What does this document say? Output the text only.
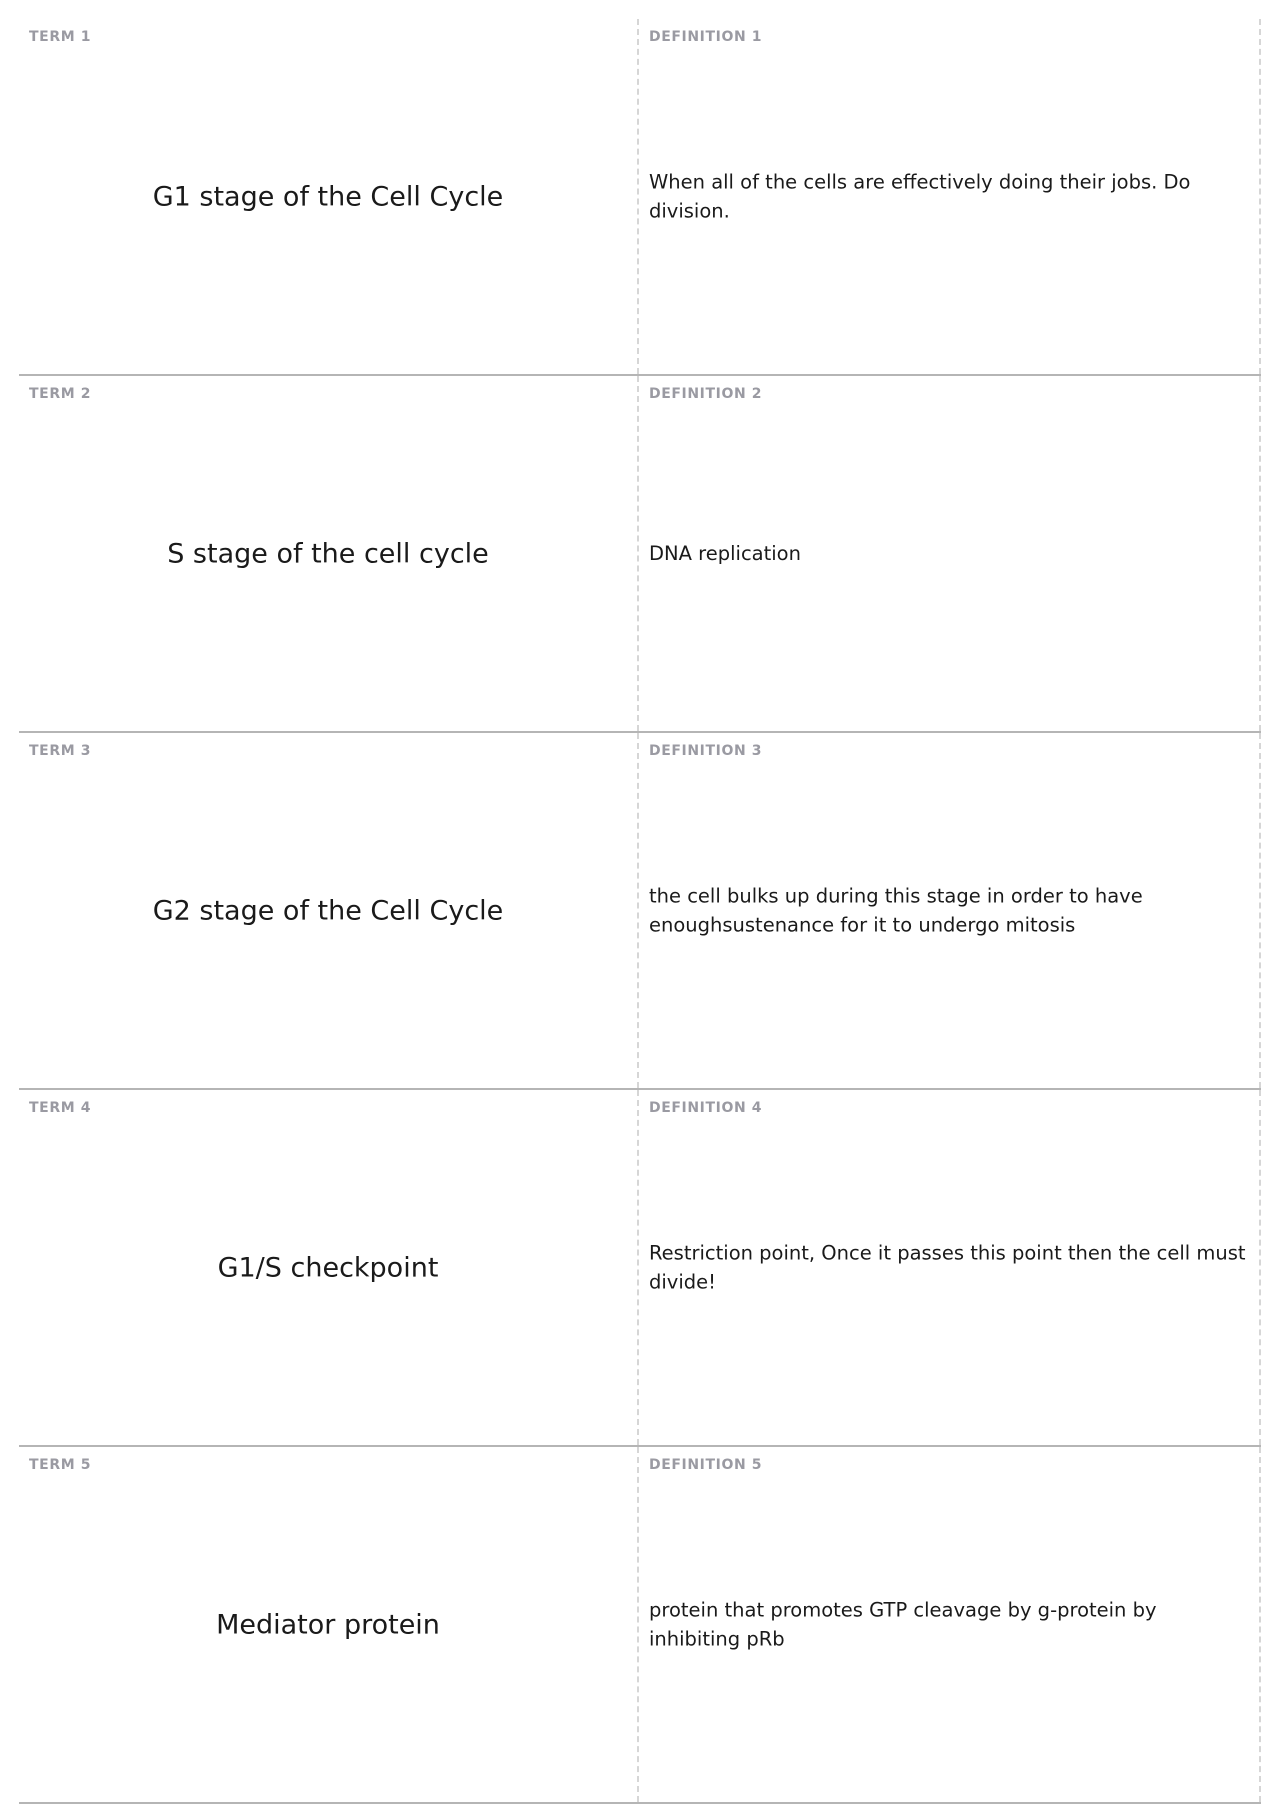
TERM 1
G1 stage of the Cell Cycle
DEFINITION 1
When all of the cells are effectively doing their jobs. Do division.
TERM 2
S stage of the cell cycle
DEFINITION 2
DNA replication
TERM 3
G2 stage of the Cell Cycle
DEFINITION 3
the cell bulks up during this stage in order to have enoughsustenance for it to undergo mitosis
TERM 4
G1/S checkpoint
DEFINITION 4
Restriction point, Once it passes this point then the cell must divide!
TERM 5
Mediator protein
DEFINITION 5
protein that promotes GTP cleavage by g-protein by inhibiting pRb
